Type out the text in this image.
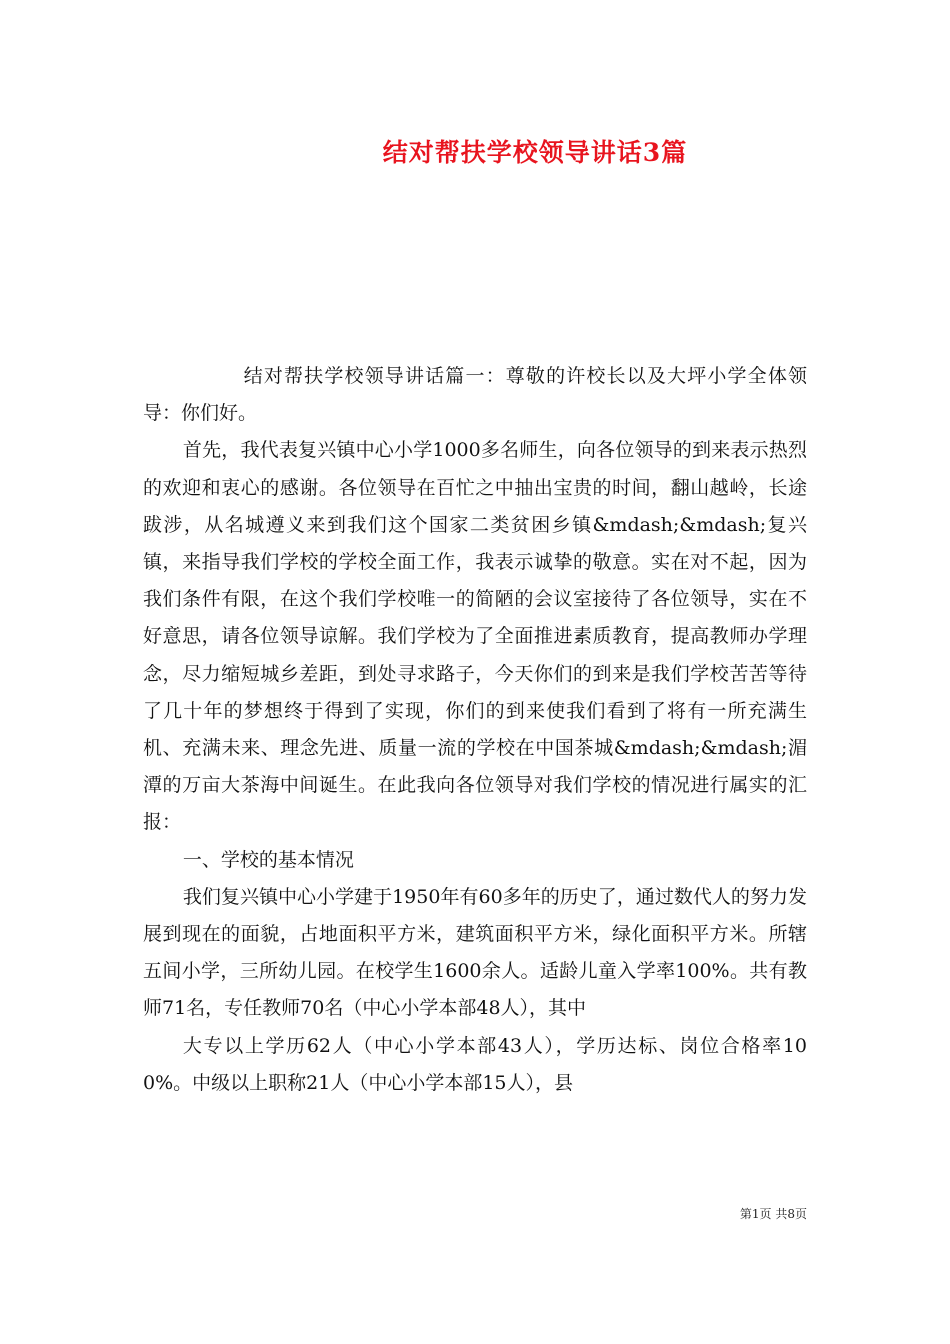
结对帮扶学校领导讲话3篇

结对帮扶学校领导讲话篇一：尊敬的许校长以及大坪小学全体领导：你们好。

首先，我代表复兴镇中心小学1000多名师生，向各位领导的到来表示热烈的欢迎和衷心的感谢。各位领导在百忙之中抽出宝贵的时间，翻山越岭，长途跋涉，从名城遵义来到我们这个国家二类贫困乡镇&mdash;&mdash;复兴镇，来指导我们学校的学校全面工作，我表示诚挚的敬意。实在对不起，因为我们条件有限，在这个我们学校唯一的简陋的会议室接待了各位领导，实在不好意思，请各位领导谅解。我们学校为了全面推进素质教育，提高教师办学理念，尽力缩短城乡差距，到处寻求路子，今天你们的到来是我们学校苦苦等待了几十年的梦想终于得到了实现，你们的到来使我们看到了将有一所充满生机、充满未来、理念先进、质量一流的学校在中国茶城&mdash;&mdash;湄潭的万亩大茶海中间诞生。在此我向各位领导对我们学校的情况进行属实的汇报：

一、学校的基本情况

我们复兴镇中心小学建于1950年有60多年的历史了，通过数代人的努力发展到现在的面貌，占地面积平方米，建筑面积平方米，绿化面积平方米。所辖五间小学，三所幼儿园。在校学生1600余人。适龄儿童入学率100%。共有教师71名，专任教师70名（中心小学本部48人），其中

大专以上学历62人（中心小学本部43人），学历达标、岗位合格率100%。中级以上职称21人（中心小学本部15人），县

第1页 共8页
